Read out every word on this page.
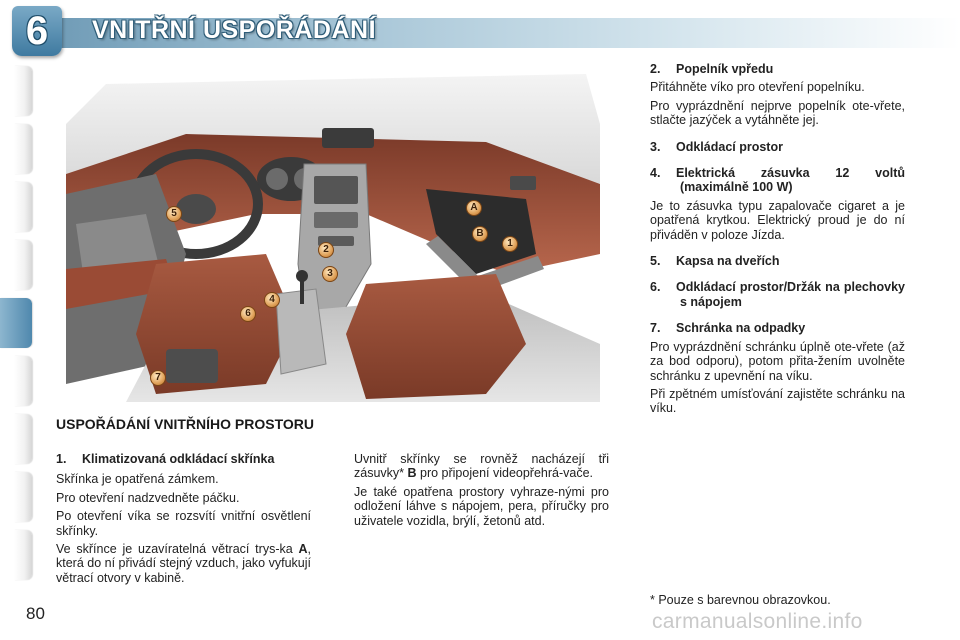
6	VNITŘNÍ USPOŘÁDÁNÍ
A
B
1
2
3
4
5
6
7
USPOŘÁDÁNÍ VNITŘNÍHO PROSTORU

1. Klimatizovaná odkládací skřínka

Skřínka je opatřená zámkem.

Pro otevření nadzvedněte páčku.

Po otevření víka se rozsvítí vnitřní osvětlení skřínky.

Ve skřínce je uzavíratelná větrací trys-ka A, která do ní přivádí stejný vzduch, jako vyfukují větrací otvory v kabině.

Uvnitř skřínky se rovněž nacházejí tři zásuvky* B pro připojení videopřehrá-vače.

Je také opatřena prostory vyhraze-nými pro odložení láhve s nápojem, pera, příručky pro uživatele vozidla, brýlí, žetonů atd.

2. Popelník vpředu

Přitáhněte víko pro otevření popelníku.

Pro vyprázdnění nejprve popelník ote-vřete, stlačte jazýček a vytáhněte jej.

3. Odkládací prostor

4. Elektrická zásuvka 12 voltů (maximálně 100 W)

Je to zásuvka typu zapalovače cigaret a je opatřená krytkou. Elektrický proud je do ní přiváděn v poloze Jízda.

5. Kapsa na dveřích

6. Odkládací prostor/Držák na plechovky s nápojem

7. Schránka na odpadky

Pro vyprázdnění schránku úplně ote-vřete (až za bod odporu), potom přita-žením uvolněte schránku z upevnění na víku.

Při zpětném umísťování zajistěte schránku na víku.

* Pouze s barevnou obrazovkou.
80	carmanualsonline.info
